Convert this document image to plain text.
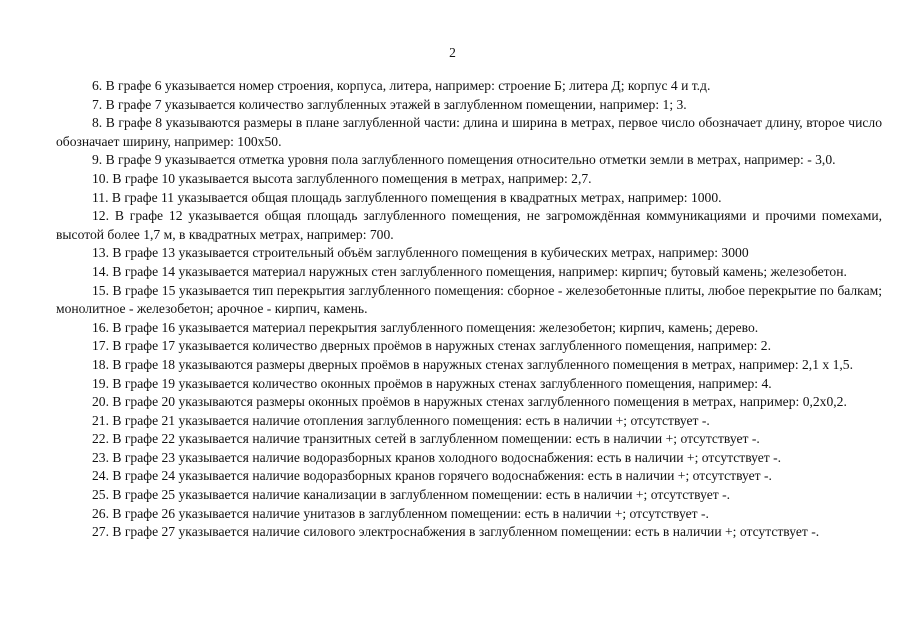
2

6. В графе 6 указывается номер строения, корпуса, литера, например: строение Б; литера Д; корпус 4 и т.д.

7. В графе 7 указывается количество заглубленных этажей в заглубленном помещении, например: 1; 3.

8. В графе 8 указываются размеры в плане заглубленной части: длина и ширина в метрах, первое число обозначает длину, второе число обозначает ширину, например: 100х50.

9. В графе 9 указывается отметка уровня пола заглубленного помещения относительно отметки земли в метрах, например: - 3,0.

10. В графе 10 указывается высота заглубленного помещения в метрах, например: 2,7.

11. В графе 11 указывается общая площадь заглубленного помещения в квадратных метрах, например: 1000.

12. В графе 12 указывается общая площадь заглубленного помещения, не загромождённая коммуникациями и прочими помехами, высотой более 1,7 м, в квадратных метрах, например: 700.

13. В графе 13 указывается строительный объём заглубленного помещения в кубических метрах, например: 3000

14. В графе 14 указывается материал наружных стен заглубленного помещения, например: кирпич; бутовый камень; железобетон.

15. В графе 15 указывается тип перекрытия заглубленного помещения: сборное - железобетонные плиты, любое перекрытие по балкам; монолитное - железобетон; арочное - кирпич, камень.

16. В графе 16 указывается материал перекрытия заглубленного помещения: железобетон; кирпич, камень; дерево.

17. В графе 17 указывается количество дверных проёмов в наружных стенах заглубленного помещения, например: 2.

18. В графе 18 указываются размеры дверных проёмов в наружных стенах заглубленного помещения в метрах, например: 2,1 х 1,5.

19. В графе 19 указывается количество оконных проёмов в наружных стенах заглубленного помещения, например: 4.

20. В графе 20 указываются размеры оконных проёмов в наружных стенах заглубленного помещения в метрах, например: 0,2х0,2.

21. В графе 21 указывается наличие отопления заглубленного помещения: есть в наличии +; отсутствует -.

22. В графе 22 указывается наличие транзитных сетей в заглубленном помещении: есть в наличии +; отсутствует -.

23. В графе 23 указывается наличие водоразборных кранов холодного водоснабжения: есть в наличии +; отсутствует -.

24. В графе 24 указывается наличие водоразборных кранов горячего водоснабжения: есть в наличии +; отсутствует -.

25. В графе 25 указывается наличие канализации в заглубленном помещении: есть в наличии +; отсутствует -.

26. В графе 26 указывается наличие унитазов в заглубленном помещении: есть в наличии +; отсутствует -.

27. В графе 27 указывается наличие силового электроснабжения в заглубленном помещении: есть в наличии +; отсутствует -.
